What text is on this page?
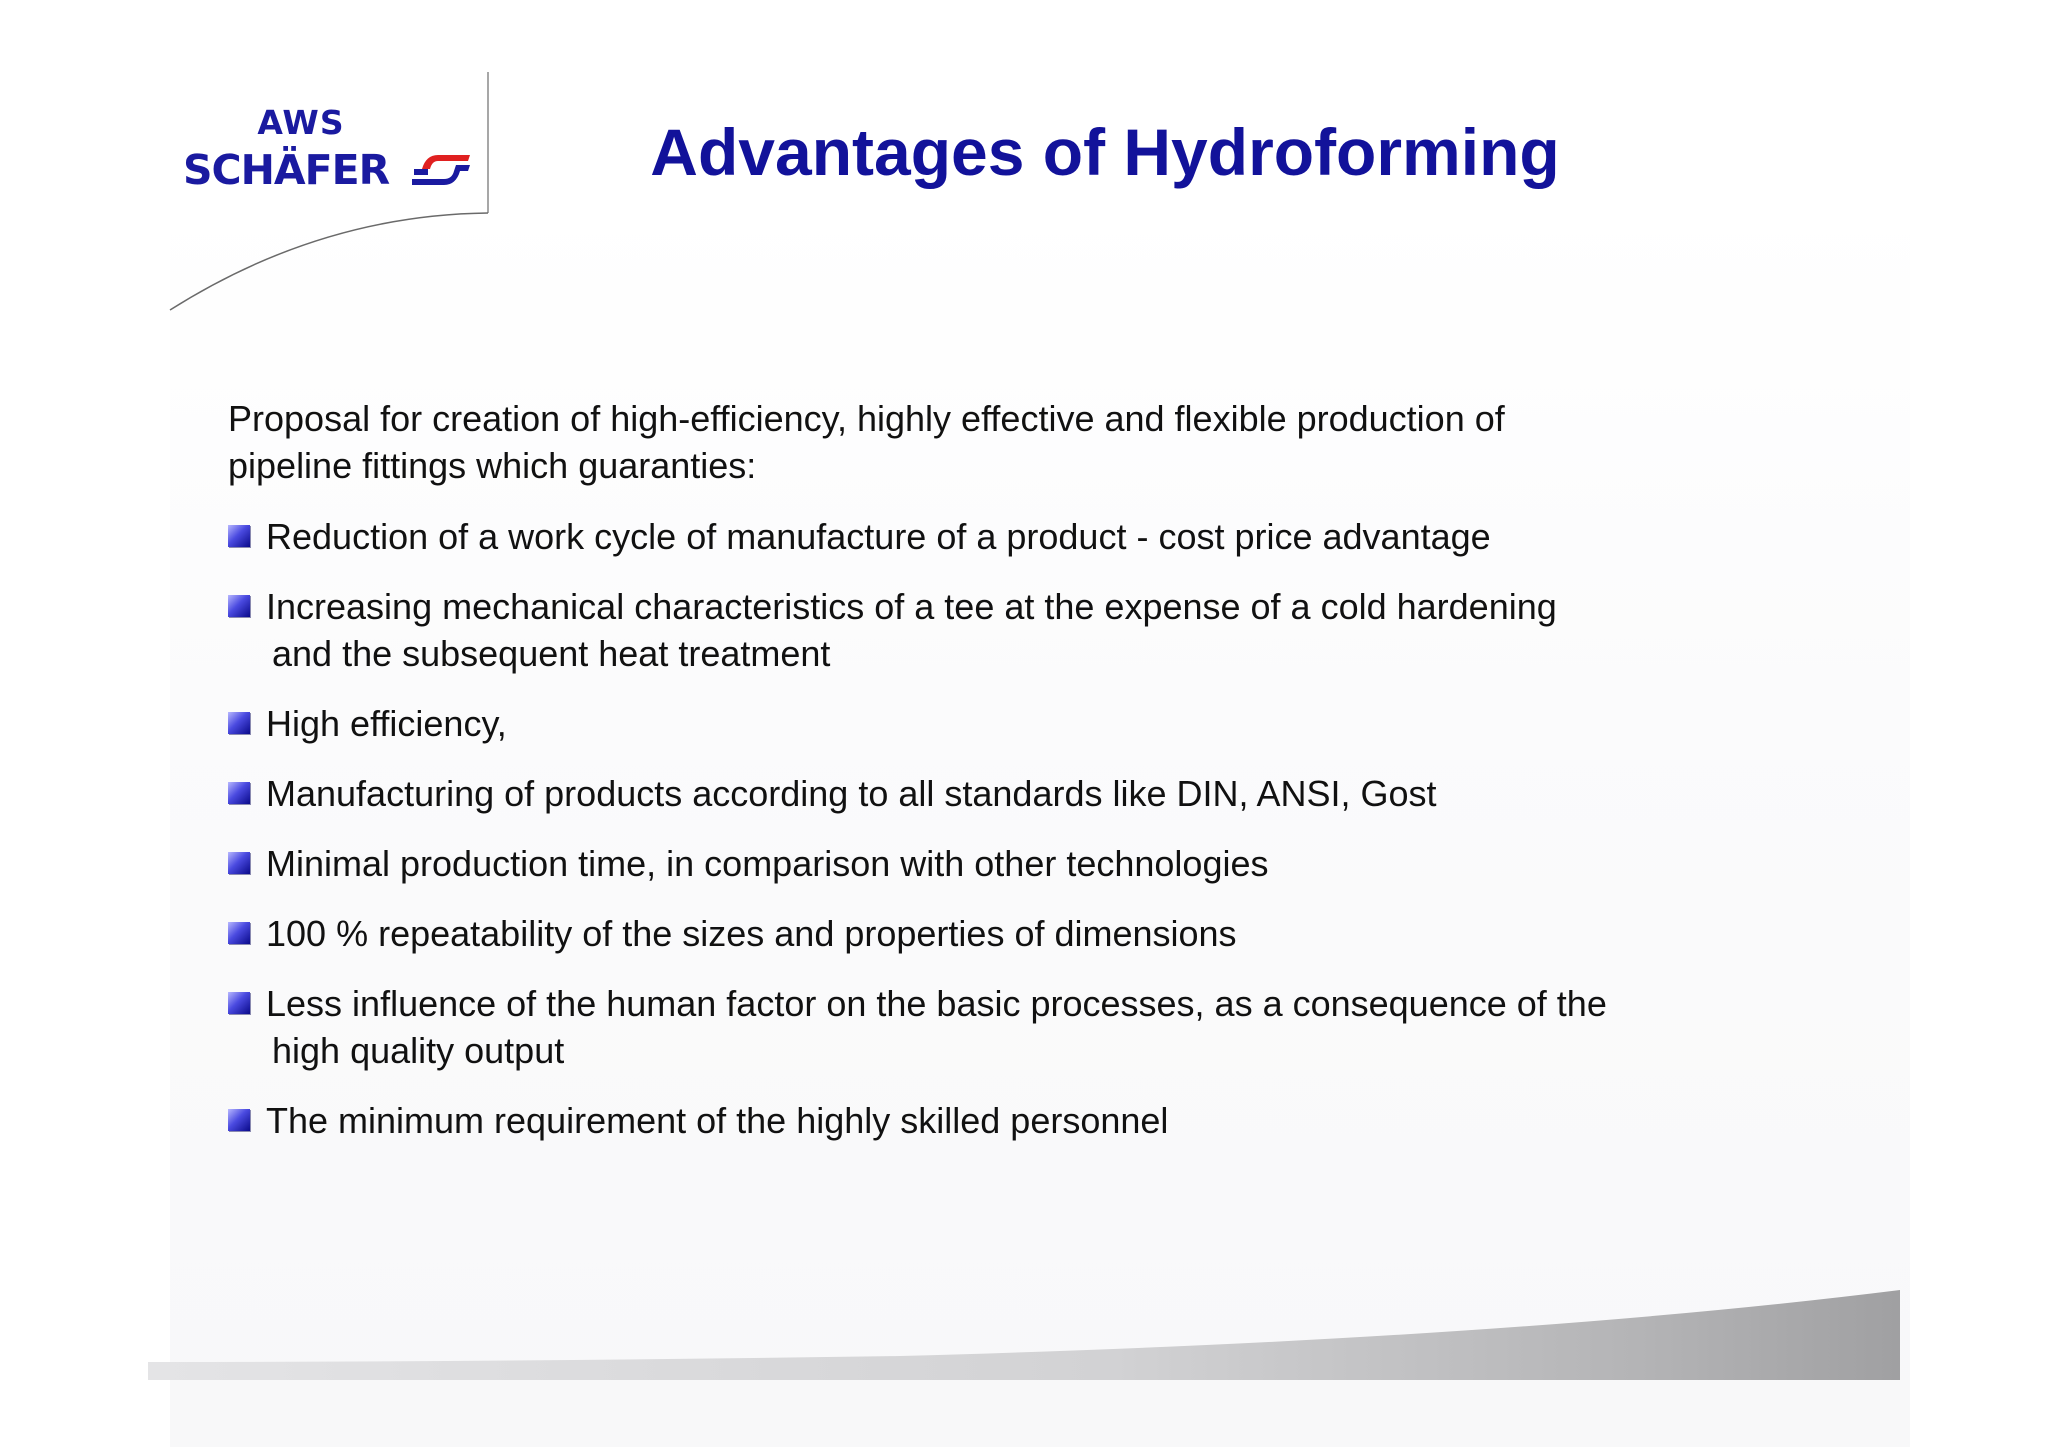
AWS
SCHÄFER	Advantages of Hydroforming

Proposal for creation of high-efficiency, highly effective and flexible production of
pipeline fittings which guaranties:

Reduction of a work cycle of manufacture of a product - cost price advantage
Increasing mechanical characteristics of a tee at the expense of a cold hardening
and the subsequent heat treatment
High efficiency,
Manufacturing of products according to all standards like DIN, ANSI, Gost
Minimal production time, in comparison with other technologies
100 % repeatability of the sizes and properties of dimensions
Less influence of the human factor on the basic processes, as a consequence of the
high quality output
The minimum requirement of the highly skilled personnel
